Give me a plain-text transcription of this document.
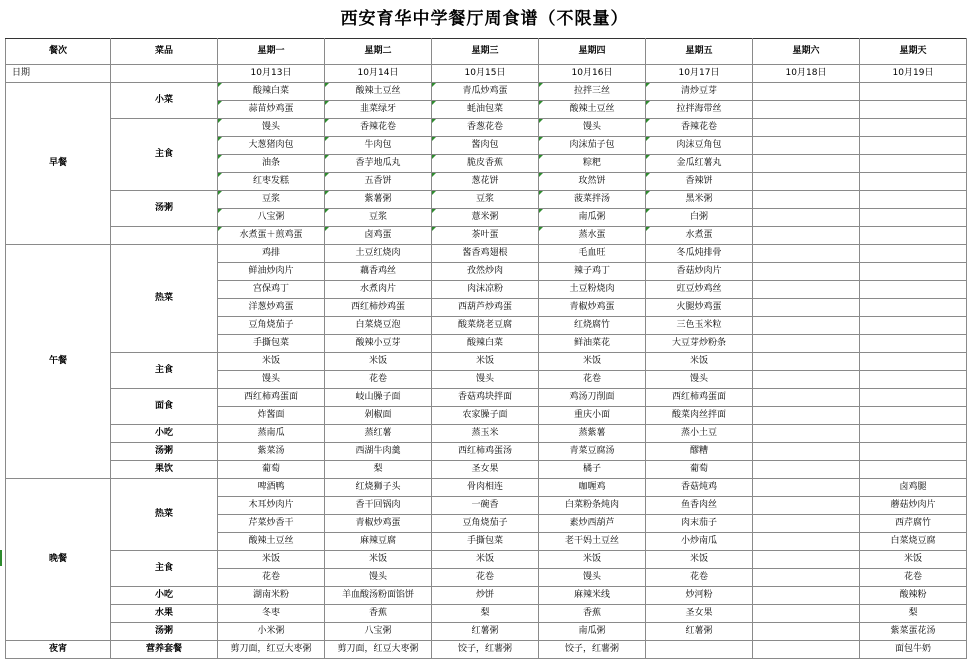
西安育华中学餐厅周食谱（不限量）
餐次	菜品	星期一	星期二	星期三	星期四	星期五	星期六	星期天
日期		10月13日	10月14日	10月15日	10月16日	10月17日	10月18日	10月19日
早餐	小菜	酸辣白菜	酸辣土豆丝	青瓜炒鸡蛋	拉拌三丝	清炒豆芽		
		蒜苗炒鸡蛋	韭菜绿牙	蚝油包菜	酸辣土豆丝	拉拌海带丝		
	主食	馒头	香辣花卷	香葱花卷	馒头	香辣花卷		
		大葱猪肉包	牛肉包	酱肉包	肉沫茄子包	肉沫豆角包		
		油条	香芋地瓜丸	脆皮香蕉	粽粑	金瓜红薯丸		
		红枣发糕	五香饼	葱花饼	玫然饼	香辣饼		
	汤粥	豆浆	紫薯粥	豆浆	菠菜拌汤	黑米粥		
		八宝粥	豆浆	薏米粥	南瓜粥	白粥		
		水煮蛋＋煎鸡蛋	卤鸡蛋	茶叶蛋	蒸水蛋	水煮蛋		
午餐	热菜	鸡排	土豆红烧肉	酱香鸡翅根	毛血旺	冬瓜炖排骨		
		鲜油炒肉片	藕香鸡丝	孜然炒肉	辣子鸡丁	香菇炒肉片		
		宫保鸡丁	水煮肉片	肉沫凉粉	土豆粉烧肉	豇豆炒鸡丝		
		洋葱炒鸡蛋	西红柿炒鸡蛋	西葫芦炒鸡蛋	青椒炒鸡蛋	火腿炒鸡蛋		
		豆角烧茄子	白菜烧豆泡	酸菜烧老豆腐	红烧腐竹	三色玉米粒		
		手撕包菜	酸辣小豆芽	酸辣白菜	鲜油菜花	大豆芽炒粉条		
	主食	米饭	米饭	米饭	米饭	米饭		
		馒头	花卷	馒头	花卷	馒头		
	面食	西红柿鸡蛋面	岐山臊子面	香菇鸡块拌面	鸡汤刀削面	西红柿鸡蛋面		
		炸酱面	剁椒面	农家臊子面	重庆小面	酸菜肉丝拌面		
	小吃	蒸南瓜	蒸红薯	蒸玉米	蒸紫薯	蒸小土豆		
	汤粥	紫菜汤	西湖牛肉羹	西红柿鸡蛋汤	青菜豆腐汤	醪糟		
	果饮	葡萄	梨	圣女果	橘子	葡萄		
晚餐	热菜	啤酒鸭	红烧狮子头	骨肉相连	咖喱鸡	香菇炖鸡		卤鸡腿
		木耳炒肉片	香干回锅肉	一碗香	白菜粉条炖肉	鱼香肉丝		蘑菇炒肉片
		芹菜炒香干	青椒炒鸡蛋	豆角烧茄子	素炒西葫芦	肉末茄子		西芹腐竹
		酸辣土豆丝	麻辣豆腐	手撕包菜	老干妈土豆丝	小炒南瓜		白菜烧豆腐
	主食	米饭	米饭	米饭	米饭	米饭		米饭
		花卷	馒头	花卷	馒头	花卷		花卷
	小吃	湖南米粉	羊血酸汤粉面馅饼	炒饼	麻辣米线	炒河粉		酸辣粉
	水果	冬枣	香蕉	梨	香蕉	圣女果		梨
	汤粥	小米粥	八宝粥	红薯粥	南瓜粥	红薯粥		紫菜蛋花汤
夜宵	营养套餐	剪刀面，红豆大枣粥	剪刀面，红豆大枣粥	饺子，红薯粥	饺子，红薯粥			面包牛奶
